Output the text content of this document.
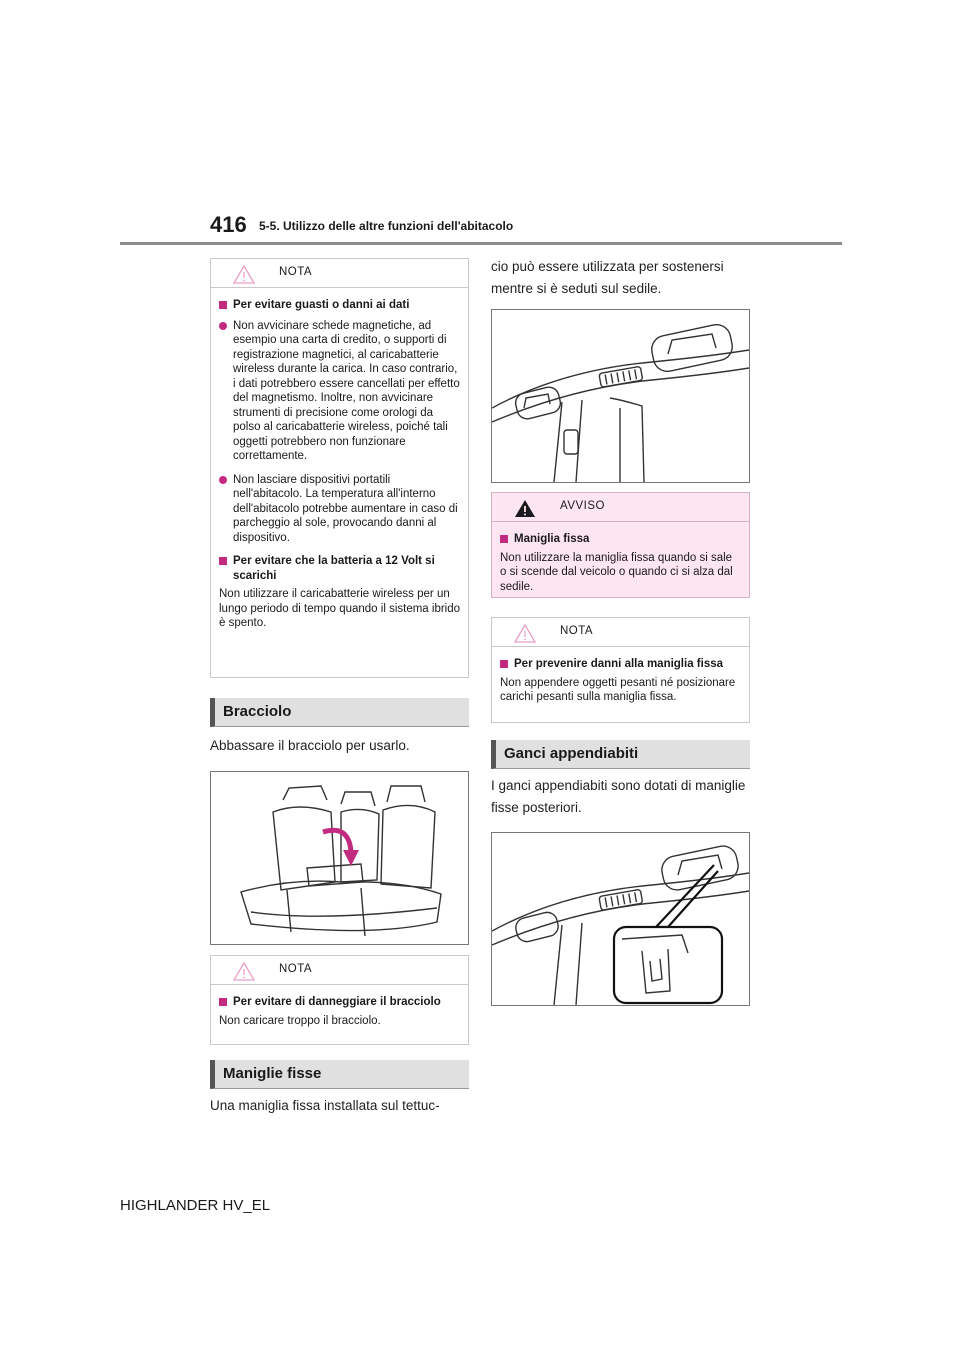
416 5-5. Utilizzo delle altre funzioni dell'abitacolo
NOTA
Per evitare guasti o danni ai dati
Non avvicinare schede magnetiche, ad esempio una carta di credito, o supporti di registrazione magnetici, al caricabatterie wireless durante la carica. In caso contrario, i dati potrebbero essere cancellati per effetto del magnetismo. Inoltre, non avvicinare strumenti di precisione come orologi da polso al caricabatterie wireless, poiché tali oggetti potrebbero non funzionare correttamente.
Non lasciare dispositivi portatili nell'abitacolo. La temperatura all'interno dell'abitacolo potrebbe aumentare in caso di parcheggio al sole, provocando danni al dispositivo.
Per evitare che la batteria a 12 Volt si scarichi
Non utilizzare il caricabatterie wireless per un lungo periodo di tempo quando il sistema ibrido è spento.
Bracciolo
Abbassare il bracciolo per usarlo.
NOTA
Per evitare di danneggiare il bracciolo
Non caricare troppo il bracciolo.
Maniglie fisse
Una maniglia fissa installata sul tettuc-
cio può essere utilizzata per sostenersi mentre si è seduti sul sedile.
AVVISO
Maniglia fissa
Non utilizzare la maniglia fissa quando si sale o si scende dal veicolo o quando ci si alza dal sedile.
NOTA
Per prevenire danni alla maniglia fissa
Non appendere oggetti pesanti né posizionare carichi pesanti sulla maniglia fissa.
Ganci appendiabiti
I ganci appendiabiti sono dotati di maniglie fisse posteriori.
HIGHLANDER HV_EL
